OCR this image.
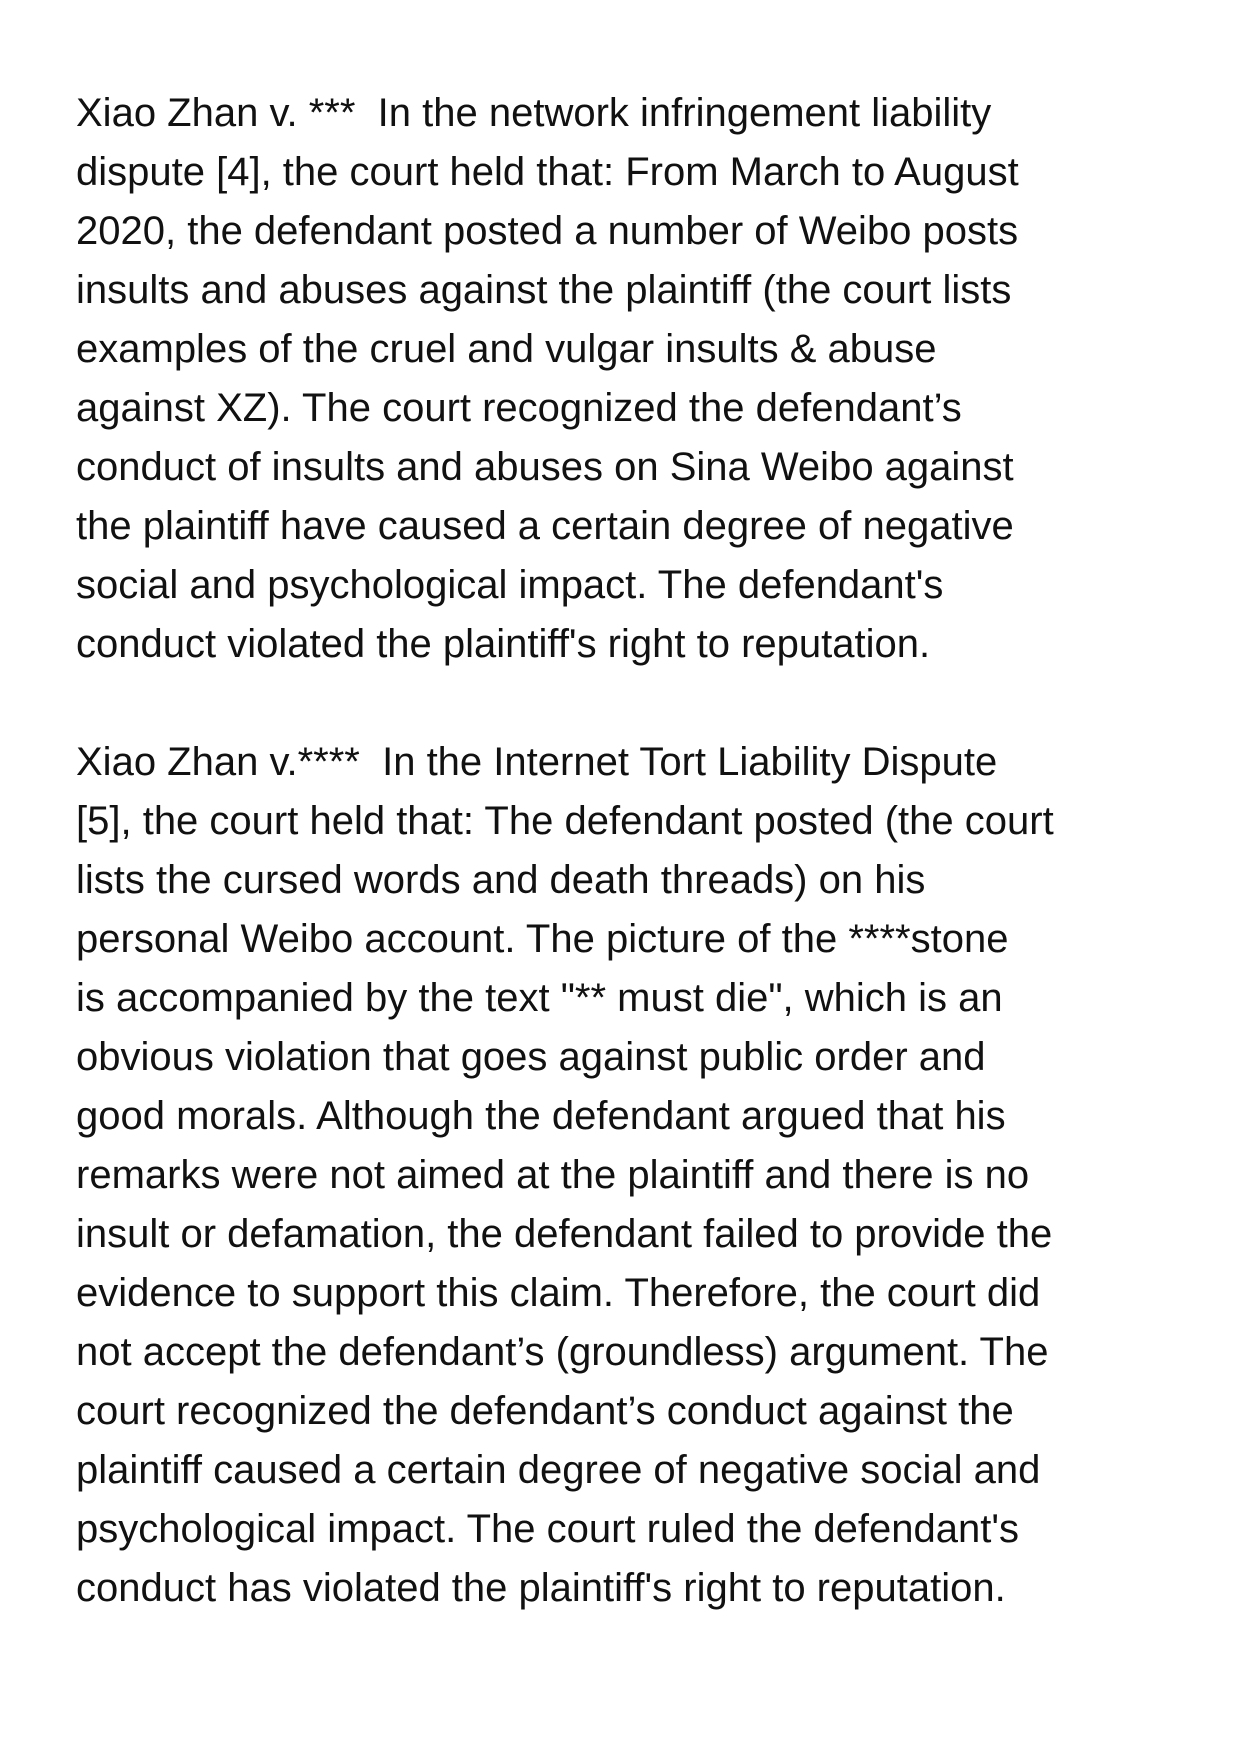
Xiao Zhan v. ***  In the network infringement liability
dispute [4], the court held that: From March to August
2020, the defendant posted a number of Weibo posts
insults and abuses against the plaintiff (the court lists
examples of the cruel and vulgar insults & abuse
against XZ). The court recognized the defendant’s
conduct of insults and abuses on Sina Weibo against
the plaintiff have caused a certain degree of negative
social and psychological impact. The defendant's
conduct violated the plaintiff's right to reputation.

Xiao Zhan v.****  In the Internet Tort Liability Dispute
[5], the court held that: The defendant posted (the court
lists the cursed words and death threads) on his
personal Weibo account. The picture of the ****stone
is accompanied by the text "** must die", which is an
obvious violation that goes against public order and
good morals. Although the defendant argued that his
remarks were not aimed at the plaintiff and there is no
insult or defamation, the defendant failed to provide the
evidence to support this claim. Therefore, the court did
not accept the defendant’s (groundless) argument. The
court recognized the defendant’s conduct against the
plaintiff caused a certain degree of negative social and
psychological impact. The court ruled the defendant's
conduct has violated the plaintiff's right to reputation.
